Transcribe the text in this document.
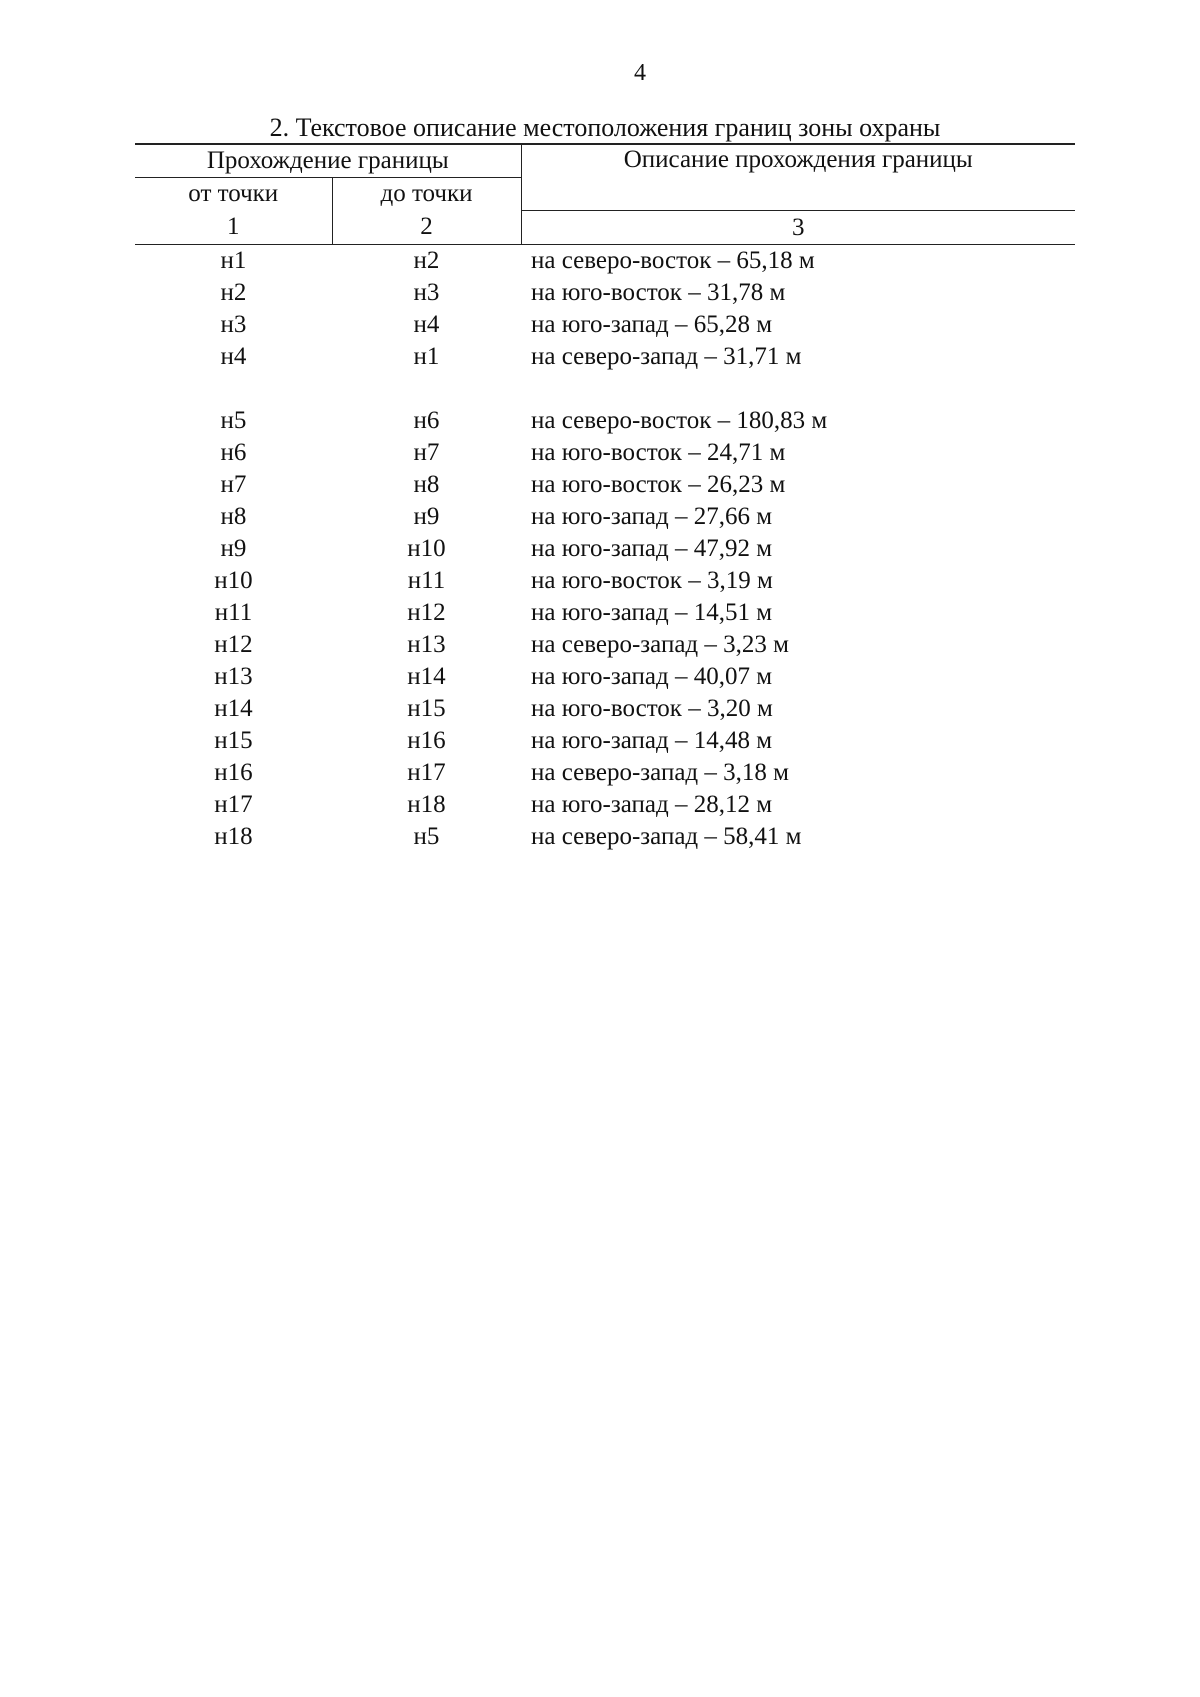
4
2. Текстовое описание местоположения границ зоны охраны
Прохождение границы		Описание прохождения границы
от точки	до точки	
1	2	3
н1	н2	на северо-восток – 65,18 м
н2	н3	на юго-восток – 31,78 м
н3	н4	на юго-запад – 65,28 м
н4	н1	на северо-запад – 31,71 м

н5	н6	на северо-восток – 180,83 м
н6	н7	на юго-восток – 24,71 м
н7	н8	на юго-восток – 26,23 м
н8	н9	на юго-запад – 27,66 м
н9	н10	на юго-запад – 47,92 м
н10	н11	на юго-восток – 3,19 м
н11	н12	на юго-запад – 14,51 м
н12	н13	на северо-запад – 3,23 м
н13	н14	на юго-запад – 40,07 м
н14	н15	на юго-восток – 3,20 м
н15	н16	на юго-запад – 14,48 м
н16	н17	на северо-запад – 3,18 м
н17	н18	на юго-запад – 28,12 м
н18	н5	на северо-запад – 58,41 м
